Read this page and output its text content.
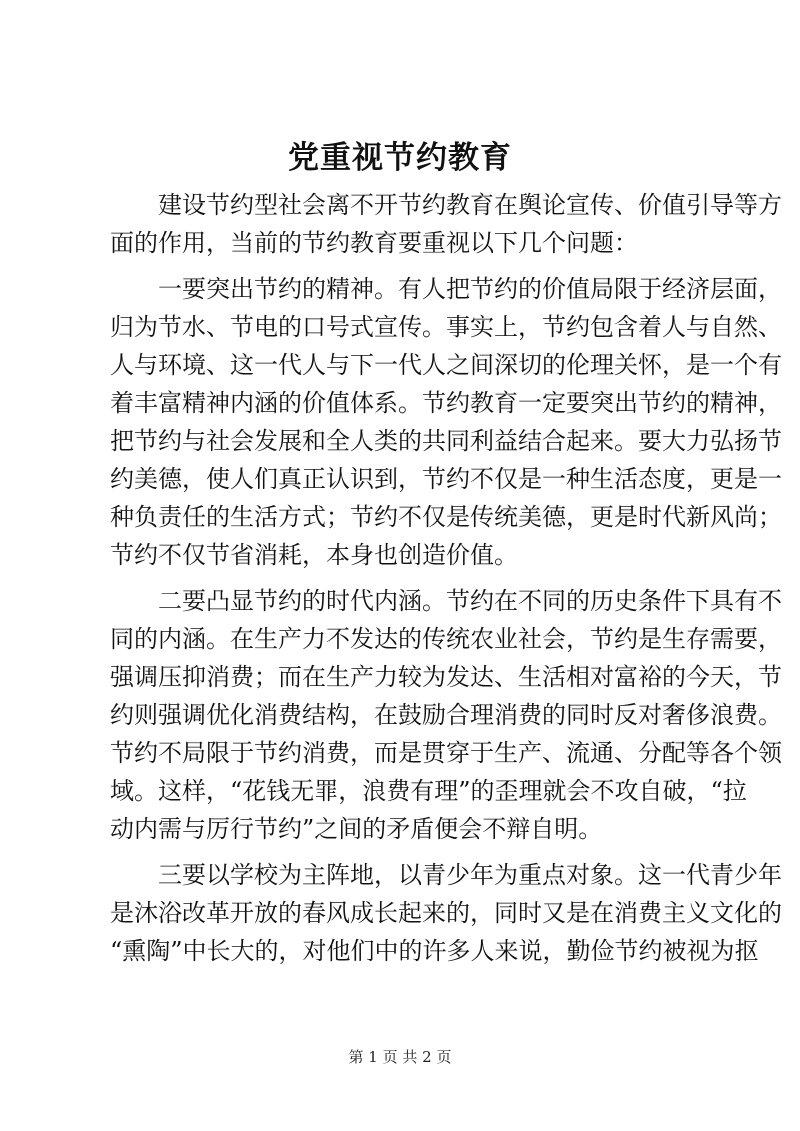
党重视节约教育
建设节约型社会离不开节约教育在舆论宣传、价值引导等方
面的作用，当前的节约教育要重视以下几个问题：
一要突出节约的精神。有人把节约的价值局限于经济层面，
归为节水、节电的口号式宣传。事实上，节约包含着人与自然、
人与环境、这一代人与下一代人之间深切的伦理关怀，是一个有
着丰富精神内涵的价值体系。节约教育一定要突出节约的精神，
把节约与社会发展和全人类的共同利益结合起来。要大力弘扬节
约美德，使人们真正认识到，节约不仅是一种生活态度，更是一
种负责任的生活方式；节约不仅是传统美德，更是时代新风尚；
节约不仅节省消耗，本身也创造价值。
二要凸显节约的时代内涵。节约在不同的历史条件下具有不
同的内涵。在生产力不发达的传统农业社会，节约是生存需要，
强调压抑消费；而在生产力较为发达、生活相对富裕的今天，节
约则强调优化消费结构，在鼓励合理消费的同时反对奢侈浪费。
节约不局限于节约消费，而是贯穿于生产、流通、分配等各个领
域。这样，“花钱无罪，浪费有理”的歪理就会不攻自破，“拉
动内需与厉行节约”之间的矛盾便会不辩自明。
三要以学校为主阵地，以青少年为重点对象。这一代青少年
是沐浴改革开放的春风成长起来的，同时又是在消费主义文化的
“熏陶”中长大的，对他们中的许多人来说，勤俭节约被视为抠
第 1 页 共 2 页
